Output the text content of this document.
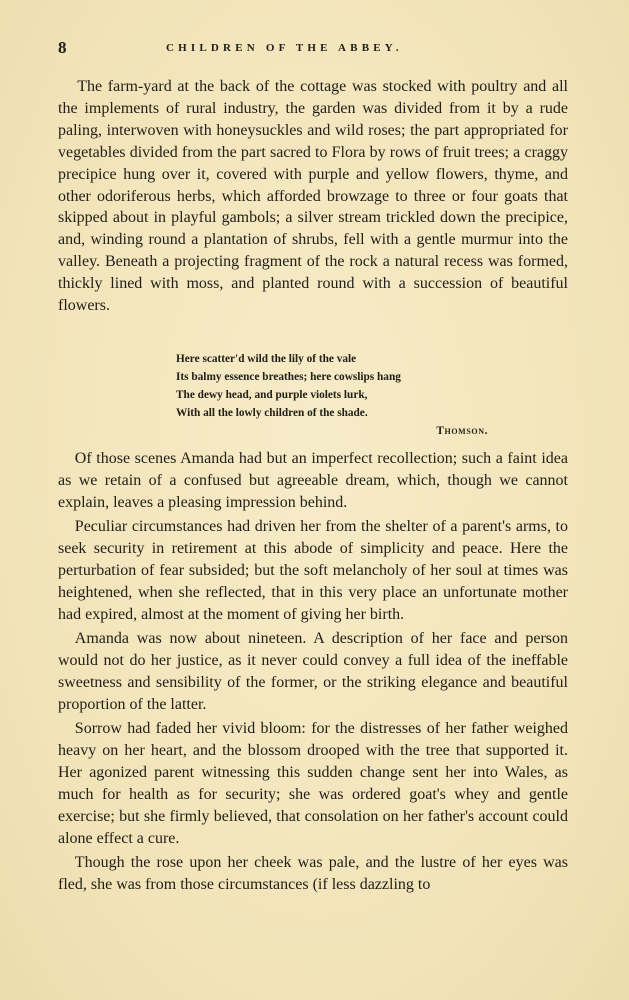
8	CHILDREN OF THE ABBEY.

The farm-yard at the back of the cottage was stocked with poultry and all the implements of rural industry, the garden was divided from it by a rude paling, interwoven with honeysuckles and wild roses; the part appropriated for vegetables divided from the part sacred to Flora by rows of fruit trees; a craggy precipice hung over it, covered with purple and yellow flowers, thyme, and other odoriferous herbs, which afforded browzage to three or four goats that skipped about in playful gambols; a silver stream trickled down the precipice, and, winding round a plantation of shrubs, fell with a gentle murmur into the valley. Beneath a projecting fragment of the rock a natural recess was formed, thickly lined with moss, and planted round with a succession of beautiful flowers.

Here scatter'd wild the lily of the vale
Its balmy essence breathes; here cowslips hang
The dewy head, and purple violets lurk,
With all the lowly children of the shade.
Thomson.

Of those scenes Amanda had but an imperfect recollection; such a faint idea as we retain of a confused but agreeable dream, which, though we cannot explain, leaves a pleasing impression behind.

Peculiar circumstances had driven her from the shelter of a parent's arms, to seek security in retirement at this abode of simplicity and peace. Here the perturbation of fear subsided; but the soft melancholy of her soul at times was heightened, when she reflected, that in this very place an unfortunate mother had expired, almost at the moment of giving her birth.

Amanda was now about nineteen. A description of her face and person would not do her justice, as it never could convey a full idea of the ineffable sweetness and sensibility of the former, or the striking elegance and beautiful proportion of the latter.

Sorrow had faded her vivid bloom: for the distresses of her father weighed heavy on her heart, and the blossom drooped with the tree that supported it. Her agonized parent witnessing this sudden change sent her into Wales, as much for health as for security; she was ordered goat's whey and gentle exercise; but she firmly believed, that consolation on her father's account could alone effect a cure.

Though the rose upon her cheek was pale, and the lustre of her eyes was fled, she was from those circumstances (if less dazzling to
